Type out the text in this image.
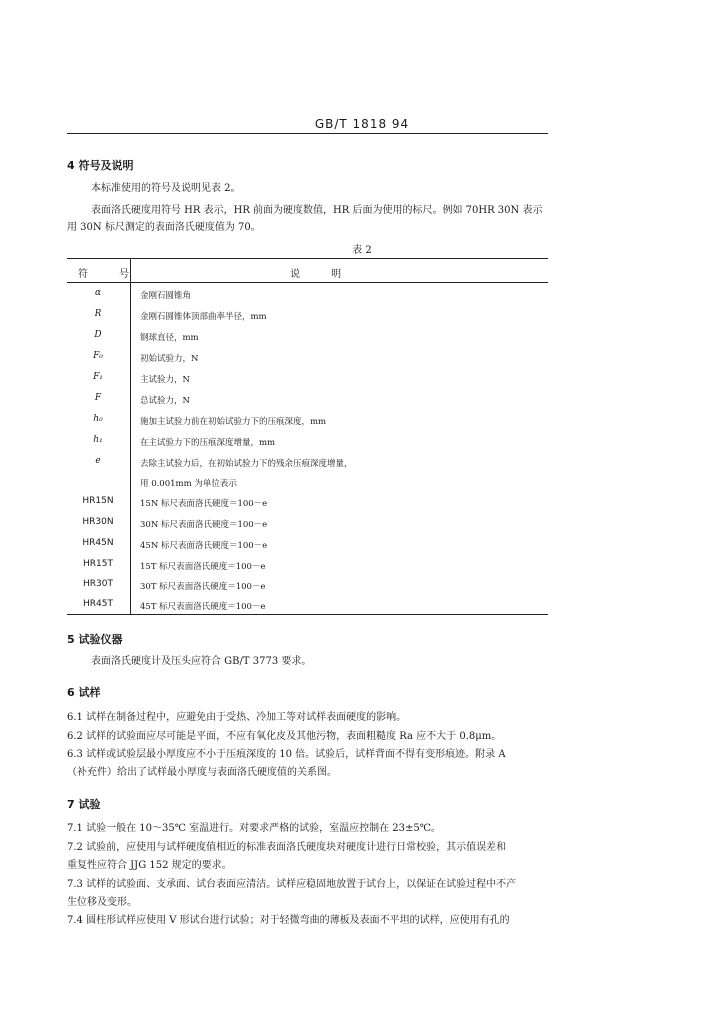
GB/T 1818 94
4 符号及说明
本标准使用的符号及说明见表 2。
表面洛氏硬度用符号 HR 表示，HR 前面为硬度数值，HR 后面为使用的标尺。例如 70HR 30N 表示
用 30N 标尺测定的表面洛氏硬度值为 70。
表 2
符 号	说 明
α	金刚石圆锥角
R	金刚石圆锥体顶部曲率半径，mm
D	钢球直径，mm
F₀	初始试验力，N
F₁	主试验力，N
F	总试验力，N
h₀	施加主试验力前在初始试验力下的压痕深度，mm
h₁	在主试验力下的压痕深度增量，mm
e	去除主试验力后，在初始试验力下的残余压痕深度增量，
用 0.001mm 为单位表示
HR15N	15N 标尺表面洛氏硬度＝100－e
HR30N	30N 标尺表面洛氏硬度＝100－e
HR45N	45N 标尺表面洛氏硬度＝100－e
HR15T	15T 标尺表面洛氏硬度＝100－e
HR30T	30T 标尺表面洛氏硬度＝100－e
HR45T	45T 标尺表面洛氏硬度＝100－e
5 试验仪器
表面洛氏硬度计及压头应符合 GB/T 3773 要求。
6 试样
6.1 试样在制备过程中，应避免由于受热、冷加工等对试样表面硬度的影响。
6.2 试样的试验面应尽可能是平面，不应有氧化皮及其他污物，表面粗糙度 Ra 应不大于 0.8μm。
6.3 试样或试验层最小厚度应不小于压痕深度的 10 倍。试验后，试样背面不得有变形痕迹。附录 A
（补充件）给出了试样最小厚度与表面洛氏硬度值的关系图。
7 试验
7.1 试验一般在 10～35℃ 室温进行。对要求严格的试验，室温应控制在 23±5℃。
7.2 试验前，应使用与试样硬度值相近的标准表面洛氏硬度块对硬度计进行日常校验，其示值误差和
重复性应符合 JJG 152 规定的要求。
7.3 试样的试验面、支承面、试台表面应清洁。试样应稳固地放置于试台上，以保证在试验过程中不产
生位移及变形。
7.4 圆柱形试样应使用 V 形试台进行试验；对于轻微弯曲的薄板及表面不平坦的试样，应使用有孔的
